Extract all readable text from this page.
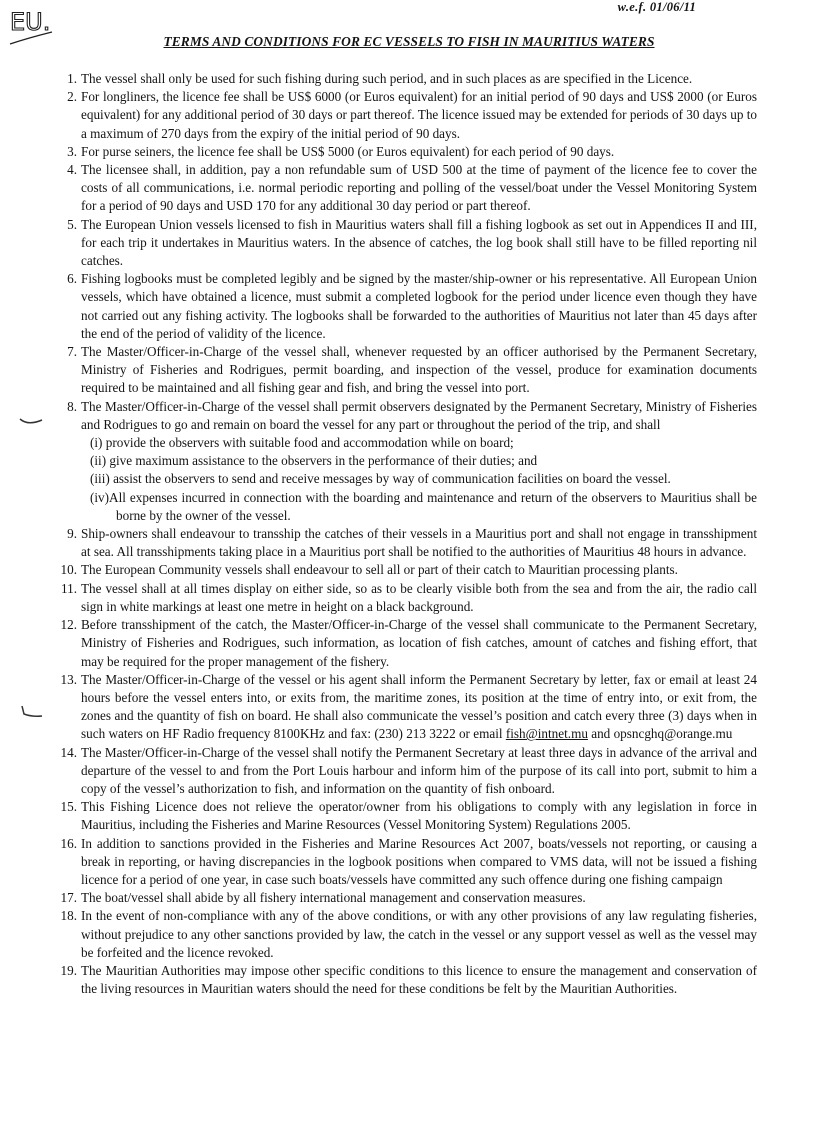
EU.
w.e.f. 01/06/11
TERMS AND CONDITIONS FOR EC VESSELS TO FISH IN MAURITIUS WATERS
1. The vessel shall only be used for such fishing during such period, and in such places as are specified in the Licence.
2. For longliners, the licence fee shall be US$ 6000 (or Euros equivalent) for an initial period of 90 days and US$ 2000 (or Euros equivalent) for any additional period of 30 days or part thereof. The licence issued may be extended for periods of 30 days up to a maximum of 270 days from the expiry of the initial period of 90 days.
3. For purse seiners, the licence fee shall be US$ 5000 (or Euros equivalent) for each period of 90 days.
4. The licensee shall, in addition, pay a non refundable sum of USD 500 at the time of payment of the licence fee to cover the costs of all communications, i.e. normal periodic reporting and polling of the vessel/boat under the Vessel Monitoring System for a period of 90 days and USD 170 for any additional 30 day period or part thereof.
5. The European Union vessels licensed to fish in Mauritius waters shall fill a fishing logbook as set out in Appendices II and III, for each trip it undertakes in Mauritius waters. In the absence of catches, the log book shall still have to be filled reporting nil catches.
6. Fishing logbooks must be completed legibly and be signed by the master/ship-owner or his representative. All European Union vessels, which have obtained a licence, must submit a completed logbook for the period under licence even though they have not carried out any fishing activity. The logbooks shall be forwarded to the authorities of Mauritius not later than 45 days after the end of the period of validity of the licence.
7. The Master/Officer-in-Charge of the vessel shall, whenever requested by an officer authorised by the Permanent Secretary, Ministry of Fisheries and Rodrigues, permit boarding, and inspection of the vessel, produce for examination documents required to be maintained and all fishing gear and fish, and bring the vessel into port.
8. The Master/Officer-in-Charge of the vessel shall permit observers designated by the Permanent Secretary, Ministry of Fisheries and Rodrigues to go and remain on board the vessel for any part or throughout the period of the trip, and shall
(i) provide the observers with suitable food and accommodation while on board;
(ii) give maximum assistance to the observers in the performance of their duties; and
(iii) assist the observers to send and receive messages by way of communication facilities on board the vessel.
(iv)All expenses incurred in connection with the boarding and maintenance and return of the observers to Mauritius shall be borne by the owner of the vessel.
9. Ship-owners shall endeavour to transship the catches of their vessels in a Mauritius port and shall not engage in transshipment at sea. All transshipments taking place in a Mauritius port shall be notified to the authorities of Mauritius 48 hours in advance.
10. The European Community vessels shall endeavour to sell all or part of their catch to Mauritian processing plants.
11. The vessel shall at all times display on either side, so as to be clearly visible both from the sea and from the air, the radio call sign in white markings at least one metre in height on a black background.
12. Before transshipment of the catch, the Master/Officer-in-Charge of the vessel shall communicate to the Permanent Secretary, Ministry of Fisheries and Rodrigues, such information, as location of fish catches, amount of catches and fishing effort, that may be required for the proper management of the fishery.
13. The Master/Officer-in-Charge of the vessel or his agent shall inform the Permanent Secretary by letter, fax or email at least 24 hours before the vessel enters into, or exits from, the maritime zones, its position at the time of entry into, or exit from, the zones and the quantity of fish on board. He shall also communicate the vessel’s position and catch every three (3) days when in such waters on HF Radio frequency 8100KHz and fax: (230) 213 3222 or email fish@intnet.mu and opsncghq@orange.mu
14. The Master/Officer-in-Charge of the vessel shall notify the Permanent Secretary at least three days in advance of the arrival and departure of the vessel to and from the Port Louis harbour and inform him of the purpose of its call into port, submit to him a copy of the vessel’s authorization to fish, and information on the quantity of fish onboard.
15. This Fishing Licence does not relieve the operator/owner from his obligations to comply with any legislation in force in Mauritius, including the Fisheries and Marine Resources (Vessel Monitoring System) Regulations 2005.
16. In addition to sanctions provided in the Fisheries and Marine Resources Act 2007, boats/vessels not reporting, or causing a break in reporting, or having discrepancies in the logbook positions when compared to VMS data, will not be issued a fishing licence for a period of one year, in case such boats/vessels have committed any such offence during one fishing campaign
17. The boat/vessel shall abide by all fishery international management and conservation measures.
18. In the event of non-compliance with any of the above conditions, or with any other provisions of any law regulating fisheries, without prejudice to any other sanctions provided by law, the catch in the vessel or any support vessel as well as the vessel may be forfeited and the licence revoked.
19. The Mauritian Authorities may impose other specific conditions to this licence to ensure the management and conservation of the living resources in Mauritian waters should the need for these conditions be felt by the Mauritian Authorities.
